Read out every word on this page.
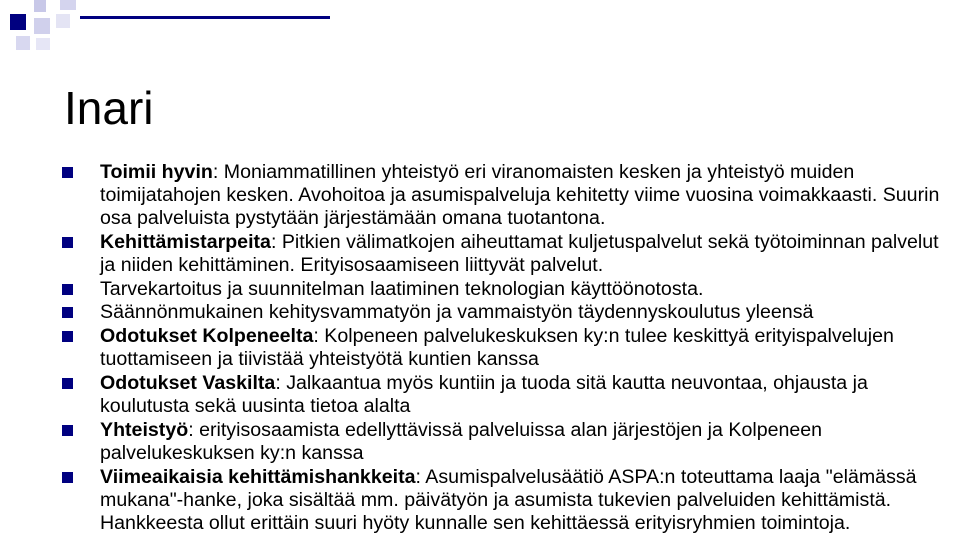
Inari
Toimii hyvin: Moniammatillinen yhteistyö eri viranomaisten kesken ja yhteistyö muiden toimijatahojen kesken. Avohoitoa ja asumispalveluja kehitetty viime vuosina voimakkaasti. Suurin osa palveluista pystytään järjestämään omana tuotantona.
Kehittämistarpeita: Pitkien välimatkojen aiheuttamat kuljetuspalvelut sekä työtoiminnan palvelut ja niiden kehittäminen. Erityisosaamiseen liittyvät palvelut.
Tarvekartoitus ja suunnitelman laatiminen teknologian käyttöönotosta.
Säännönmukainen kehitysvammatyön ja vammaistyön täydennyskoulutus yleensä
Odotukset Kolpeneelta: Kolpeneen palvelukeskuksen ky:n tulee keskittyä erityispalvelujen tuottamiseen ja tiivistää yhteistyötä kuntien kanssa
Odotukset Vaskilta: Jalkaantua myös kuntiin ja tuoda sitä kautta neuvontaa, ohjausta ja koulutusta sekä uusinta tietoa alalta
Yhteistyö: erityisosaamista edellyttävissä palveluissa alan järjestöjen ja Kolpeneen palvelukeskuksen ky:n kanssa
Viimeaikaisia kehittämishankkeita: Asumispalvelusäätiö ASPA:n toteuttama laaja "elämässä mukana"-hanke, joka sisältää mm. päivätyön ja asumista tukevien palveluiden kehittämistä. Hankkeesta ollut erittäin suuri hyöty kunnalle sen kehittäessä erityisryhmien toimintoja.
